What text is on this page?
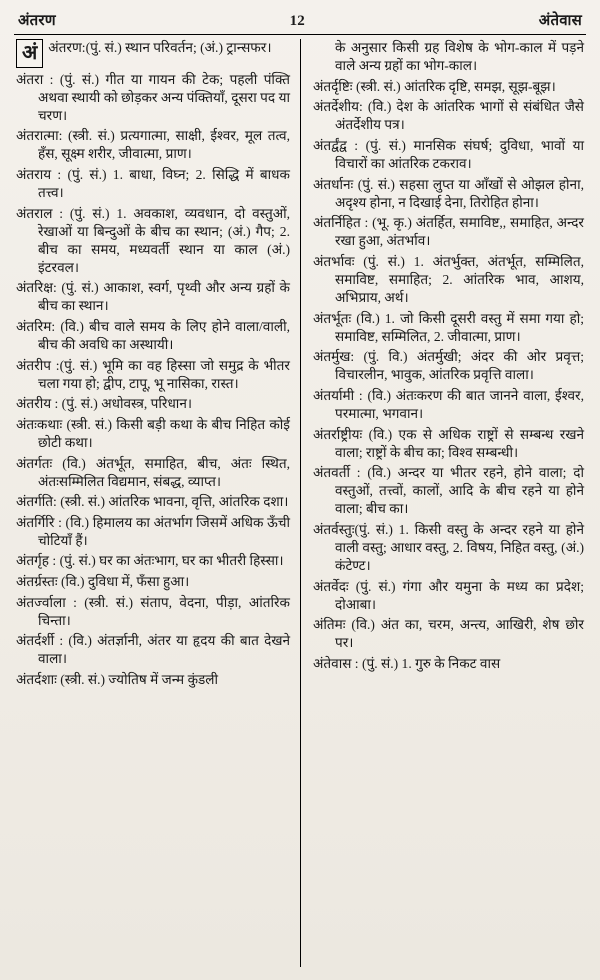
अंतरण	12	अंतेवास
अं अंतरण:(पुं. सं.) स्थान परिवर्तन; (अं.) ट्रान्सफर।
अंतरा : (पुं. सं.) गीत या गायन की टेक; पहली पंक्ति अथवा स्थायी को छोड़कर अन्य पंक्तियाँ, दूसरा पद या चरण।
अंतरात्मा: (स्त्री. सं.) प्रत्यगात्मा, साक्षी, ईश्वर, मूल तत्व, हँस, सूक्ष्म शरीर, जीवात्मा, प्राण।
अंतराय : (पुं. सं.) 1. बाधा, विघ्न; 2. सिद्धि में बाधक तत्त्व।
अंतराल : (पुं. सं.) 1. अवकाश, व्यवधान, दो वस्तुओं, रेखाओं या बिन्दुओं के बीच का स्थान; (अं.) गैप; 2. बीच का समय, मध्यवर्ती स्थान या काल (अं.) इंटरवल।
अंतरिक्ष: (पुं. सं.) आकाश, स्वर्ग, पृथ्वी और अन्य ग्रहों के बीच का स्थान।
अंतरिम: (वि.) बीच वाले समय के लिए होने वाला/वाली, बीच की अवधि का अस्थायी।
अंतरीप :(पुं. सं.) भूमि का वह हिस्सा जो समुद्र के भीतर चला गया हो; द्वीप, टापू, भू नासिका, रास्त।
अंतरीय : (पुं. सं.) अधोवस्त्र, परिधान।
अंतःकथाः (स्त्री. सं.) किसी बड़ी कथा के बीच निहित कोई छोटी कथा।
अंतर्गतः (वि.) अंतर्भूत, समाहित, बीच, अंतः स्थित, अंतःसम्मिलित विद्यमान, संबद्ध, व्याप्त।
अंतर्गति: (स्त्री. सं.) आंतरिक भावना, वृत्ति, आंतरिक दशा।
अंतर्गिरि : (वि.) हिमालय का अंतर्भाग जिसमें अधिक ऊँची चोटियाँ हैं।
अंतर्गृह : (पुं. सं.) घर का अंतःभाग, घर का भीतरी हिस्सा।
अंतर्ग्रस्तः (वि.) दुविधा में, फँसा हुआ।
अंतर्ज्वाला : (स्त्री. सं.) संताप, वेदना, पीड़ा, आंतरिक चिन्ता।
अंतर्दर्शी : (वि.) अंतर्ज्ञानी, अंतर या हृदय की बात देखने वाला।
अंतर्दशाः (स्त्री. सं.) ज्योतिष में जन्म कुंडली
के अनुसार किसी ग्रह विशेष के भोग-काल में पड़ने वाले अन्य ग्रहों का भोग-काल।
अंतर्दृष्टिः (स्त्री. सं.) आंतरिक दृष्टि, समझ, सूझ-बूझ।
अंतर्देशीय: (वि.) देश के आंतरिक भागों से संबंधित जैसे अंतर्देशीय पत्र।
अंतर्द्वंद्व : (पुं. सं.) मानसिक संघर्ष; दुविधा, भावों या विचारों का आंतरिक टकराव।
अंतर्धानः (पुं. सं.) सहसा लुप्त या आँखों से ओझल होना, अदृश्य होना, न दिखाई देना, तिरोहित होना।
अंतर्निहित : (भू. कृ.) अंतर्हित, समाविष्ट,, समाहित, अन्दर रखा हुआ, अंतर्भाव।
अंतर्भावः (पुं. सं.) 1. अंतर्भुक्त, अंतर्भूत, सम्मिलित, समाविष्ट, समाहित; 2. आंतरिक भाव, आशय, अभिप्राय, अर्थ।
अंतर्भूतः (वि.) 1. जो किसी दूसरी वस्तु में समा गया हो; समाविष्ट, सम्मिलित, 2. जीवात्मा, प्राण।
अंतर्मुख: (पुं. वि.) अंतर्मुखी; अंदर की ओर प्रवृत्त; विचारलीन, भावुक, आंतरिक प्रवृत्ति वाला।
अंतर्यामी : (वि.) अंतःकरण की बात जानने वाला, ईश्वर, परमात्मा, भगवान।
अंतर्राष्ट्रीयः (वि.) एक से अधिक राष्ट्रों से सम्बन्ध रखने वाला; राष्ट्रों के बीच का; विश्व सम्बन्धी।
अंतवर्ती : (वि.) अन्दर या भीतर रहने, होने वाला; दो वस्तुओं, तत्त्वों, कालों, आदि के बीच रहने या होने वाला; बीच का।
अंतर्वस्तुः(पुं. सं.) 1. किसी वस्तु के अन्दर रहने या होने वाली वस्तु; आधार वस्तु, 2. विषय, निहित वस्तु, (अं.) कंटेण्ट।
अंतर्वेदः (पुं. सं.) गंगा और यमुना के मध्य का प्रदेश; दोआबा।
अंतिमः (वि.) अंत का, चरम, अन्त्य, आखिरी, शेष छोर पर।
अंतेवास : (पुं. सं.) 1. गुरु के निकट वास
